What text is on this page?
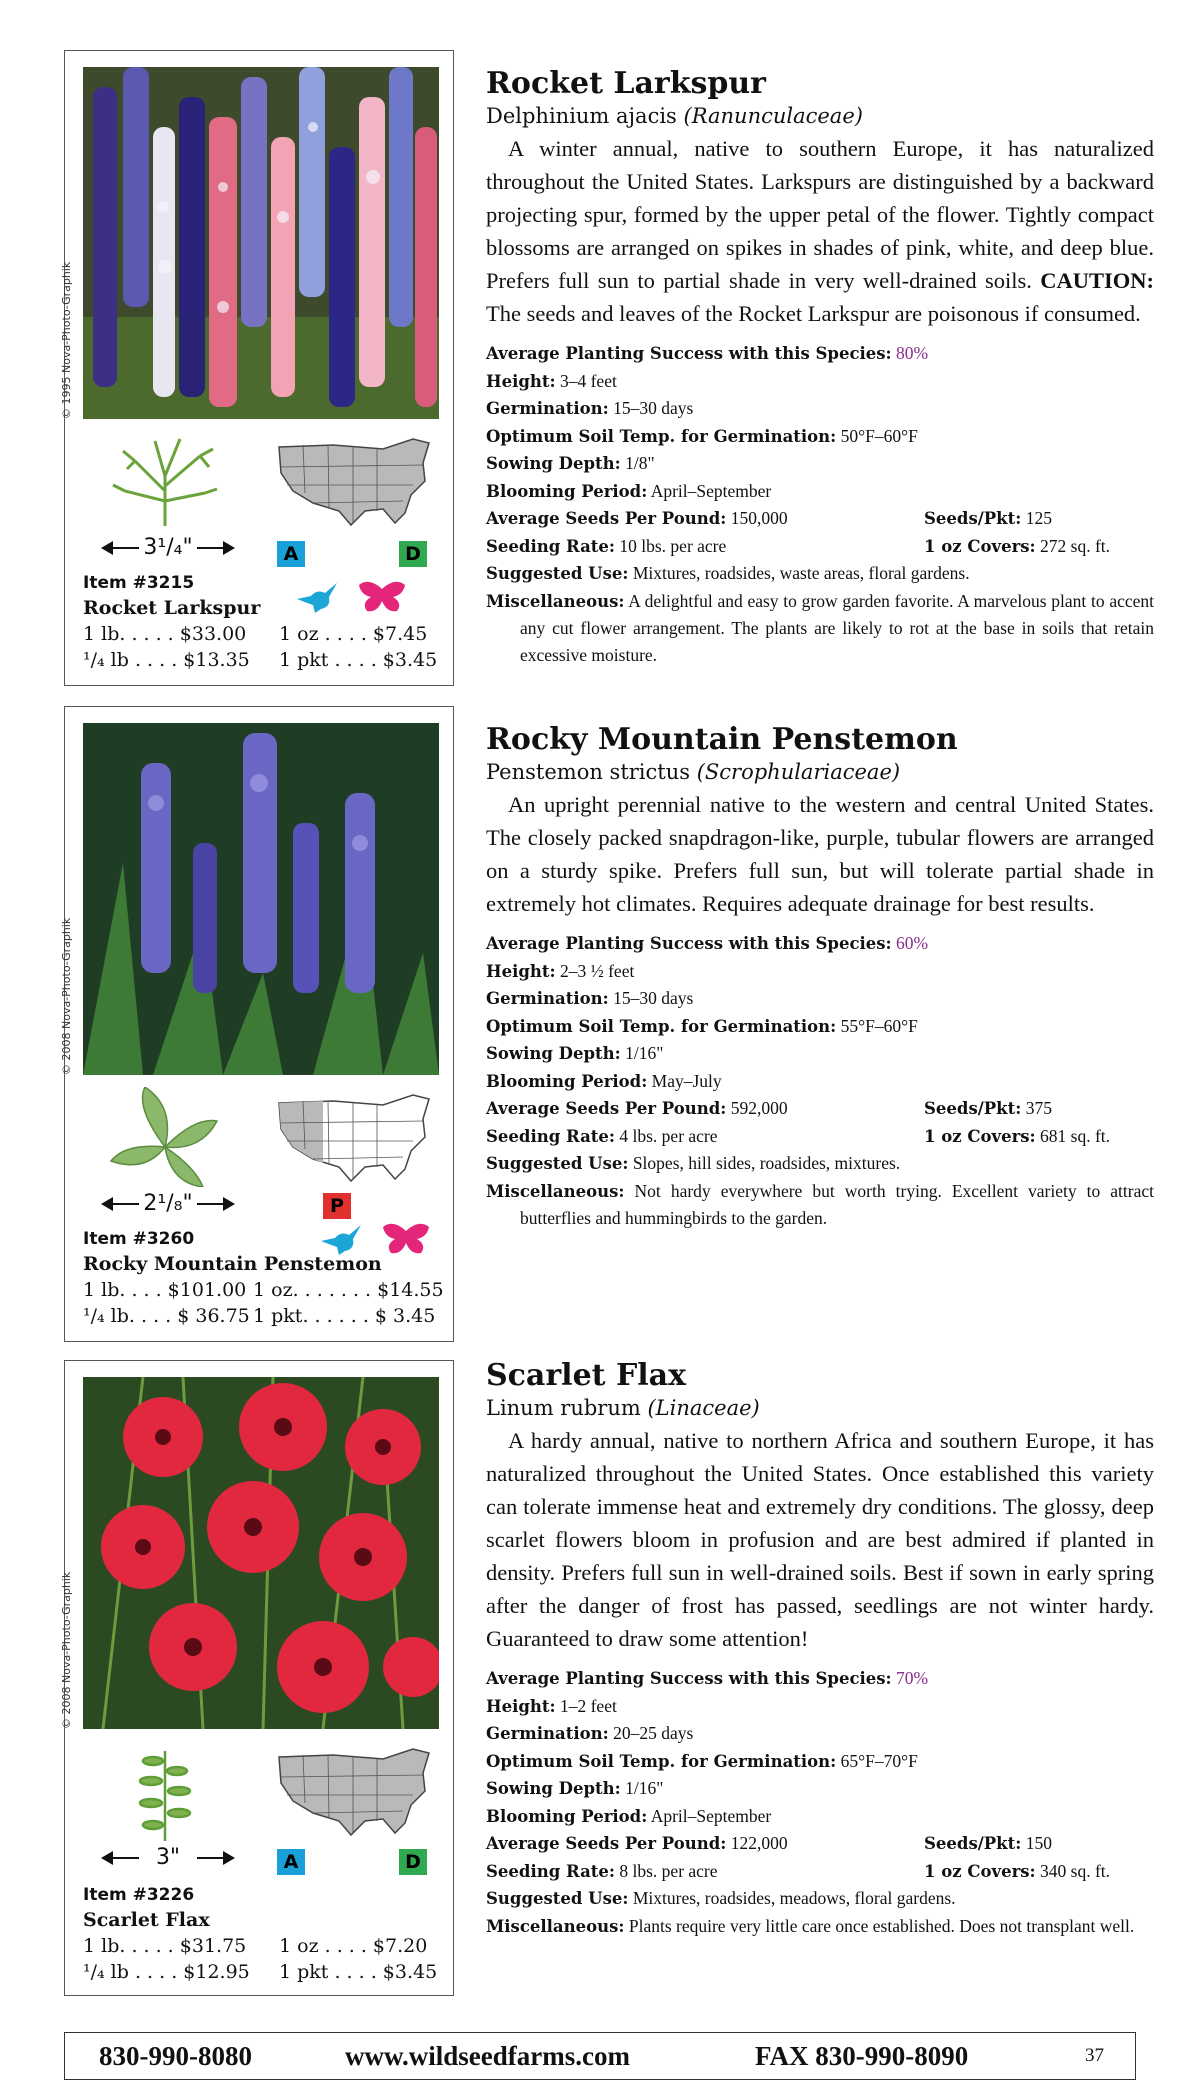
© 1995 Nova-Photo-Graphik
3¹/₄"	A	D
Item #3215
Rocket Larkspur
1 lb. . . . . $33.00 1 oz . . . . $7.45
¹/₄ lb . . . . $13.35 1 pkt . . . . $3.45
Rocket Larkspur
Delphinium ajacis (Ranunculaceae)
A winter annual, native to southern Europe, it has naturalized throughout the United States. Larkspurs are distinguished by a backward projecting spur, formed by the upper petal of the flower. Tightly compact blossoms are arranged on spikes in shades of pink, white, and deep blue. Prefers full sun to partial shade in very well-drained soils. CAUTION: The seeds and leaves of the Rocket Larkspur are poisonous if consumed.
Average Planting Success with this Species: 80%
Height: 3–4 feet
Germination: 15–30 days
Optimum Soil Temp. for Germination: 50°F–60°F
Sowing Depth: 1/8"
Blooming Period: April–September
Average Seeds Per Pound: 150,000	Seeds/Pkt: 125
Seeding Rate: 10 lbs. per acre	1 oz Covers: 272 sq. ft.
Suggested Use: Mixtures, roadsides, waste areas, floral gardens.
Miscellaneous: A delightful and easy to grow garden favorite. A marvelous plant to accent any cut flower arrangement. The plants are likely to rot at the base in soils that retain excessive moisture.
© 2008 Nova-Photo-Graphik
2¹/₈"	P
Item #3260
Rocky Mountain Penstemon
1 lb. . . . $101.00 1 oz. . . . . . . $14.55
¹/₄ lb. . . . $ 36.75 1 pkt. . . . . . $ 3.45
Rocky Mountain Penstemon
Penstemon strictus (Scrophulariaceae)
An upright perennial native to the western and central United States. The closely packed snapdragon-like, purple, tubular flowers are arranged on a sturdy spike. Prefers full sun, but will tolerate partial shade in extremely hot climates. Requires adequate drainage for best results.
Average Planting Success with this Species: 60%
Height: 2–3 ½ feet
Germination: 15–30 days
Optimum Soil Temp. for Germination: 55°F–60°F
Sowing Depth: 1/16"
Blooming Period: May–July
Average Seeds Per Pound: 592,000	Seeds/Pkt: 375
Seeding Rate: 4 lbs. per acre	1 oz Covers: 681 sq. ft.
Suggested Use: Slopes, hill sides, roadsides, mixtures.
Miscellaneous: Not hardy everywhere but worth trying. Excellent variety to attract butterflies and hummingbirds to the garden.
© 2008 Nova-Photo-Graphik
3"	A	D
Item #3226
Scarlet Flax
1 lb. . . . . $31.75 1 oz . . . . $7.20
¹/₄ lb . . . . $12.95 1 pkt . . . . $3.45
Scarlet Flax
Linum rubrum (Linaceae)
A hardy annual, native to northern Africa and southern Europe, it has naturalized throughout the United States. Once established this variety can tolerate immense heat and extremely dry conditions. The glossy, deep scarlet flowers bloom in profusion and are best admired if planted in density. Prefers full sun in well-drained soils. Best if sown in early spring after the danger of frost has passed, seedlings are not winter hardy. Guaranteed to draw some attention!
Average Planting Success with this Species: 70%
Height: 1–2 feet
Germination: 20–25 days
Optimum Soil Temp. for Germination: 65°F–70°F
Sowing Depth: 1/16"
Blooming Period: April–September
Average Seeds Per Pound: 122,000	Seeds/Pkt: 150
Seeding Rate: 8 lbs. per acre	1 oz Covers: 340 sq. ft.
Suggested Use: Mixtures, roadsides, meadows, floral gardens.
Miscellaneous: Plants require very little care once established. Does not transplant well.
830-990-8080	www.wildseedfarms.com	FAX 830-990-8090	37
